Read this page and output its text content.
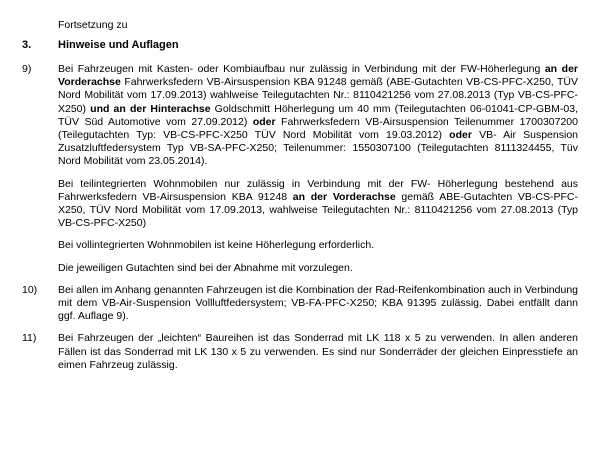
Fortsetzung zu
3.	Hinweise und Auflagen
9)	Bei Fahrzeugen mit Kasten- oder Kombiaufbau nur zulässig in Verbindung mit der FW-Höherlegung an der Vorderachse Fahrwerksfedern VB-Airsuspension KBA 91248 gemäß (ABE-Gutachten VB-CS-PFC-X250, TÜV Nord Mobilität vom 17.09.2013) wahlweise Teilegutachten Nr.: 8110421256 vom 27.08.2013 (Typ VB-CS-PFC-X250) und an der Hinterachse Goldschmitt Höherlegung um 40 mm (Teilegutachten 06-01041-CP-GBM-03, TÜV Süd Automotive vom 27.09.2012) oder Fahrwerksfedern VB-Airsuspension Teilenummer 1700307200 (Teilegutachten Typ: VB-CS-PFC-X250 TÜV Nord Mobilität vom 19.03.2012) oder VB- Air Suspension Zusatzluftfedersystem Typ VB-SA-PFC-X250; Teilenummer: 1550307100 (Teilegutachten 8111324455, Tüv Nord Mobilität vom 23.05.2014).

Bei teilintegrierten Wohnmobilen nur zulässig in Verbindung mit der FW- Höherlegung bestehend aus Fahrwerksfedern VB-Airsuspension KBA 91248 an der Vorderachse gemäß ABE-Gutachten VB-CS-PFC-X250, TÜV Nord Mobilität vom 17.09.2013, wahlweise Teilegutachten Nr.: 8110421256 vom 27.08.2013 (Typ VB-CS-PFC-X250)

Bei vollintegrierten Wohnmobilen ist keine Höherlegung erforderlich.

Die jeweiligen Gutachten sind bei der Abnahme mit vorzulegen.

10)	Bei allen im Anhang genannten Fahrzeugen ist die Kombination der Rad-Reifenkombination auch in Verbindung mit dem VB-Air-Suspension Vollluftfedersystem; VB-FA-PFC-X250; KBA 91395 zulässig. Dabei entfällt dann ggf. Auflage 9).

11)	Bei Fahrzeugen der „leichten“ Baureihen ist das Sonderrad mit LK 118 x 5 zu verwenden. In allen anderen Fällen ist das Sonderrad mit LK 130 x 5 zu verwenden. Es sind nur Sonderräder der gleichen Einpresstiefe an eimen Fahrzeug zulässig.
